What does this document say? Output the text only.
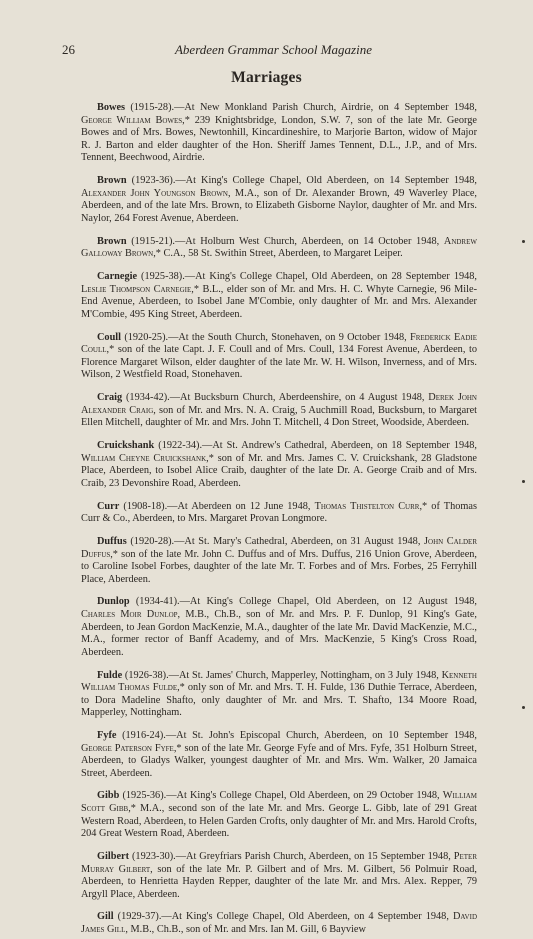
26	Aberdeen Grammar School Magazine
Marriages

Bowes (1915-28).—At New Monkland Parish Church, Airdrie, on 4 September 1948, George William Bowes,* 239 Knightsbridge, London, S.W. 7, son of the late Mr. George Bowes and of Mrs. Bowes, Newtonhill, Kincardineshire, to Marjorie Barton, widow of Major R. J. Barton and elder daughter of the Hon. Sheriff James Tennent, D.L., J.P., and of Mrs. Tennent, Beechwood, Airdrie.

Brown (1923-36).—At King's College Chapel, Old Aberdeen, on 14 September 1948, Alexander John Youngson Brown, M.A., son of Dr. Alexander Brown, 49 Waverley Place, Aberdeen, and of the late Mrs. Brown, to Elizabeth Gisborne Naylor, daughter of Mr. and Mrs. Naylor, 264 Forest Avenue, Aberdeen.

Brown (1915-21).—At Holburn West Church, Aberdeen, on 14 October 1948, Andrew Galloway Brown,* C.A., 58 St. Swithin Street, Aberdeen, to Margaret Leiper.

Carnegie (1925-38).—At King's College Chapel, Old Aberdeen, on 28 September 1948, Leslie Thompson Carnegie,* B.L., elder son of Mr. and Mrs. H. C. Whyte Carnegie, 96 Mile-End Avenue, Aberdeen, to Isobel Jane M'Combie, only daughter of Mr. and Mrs. Alexander M'Combie, 495 King Street, Aberdeen.

Coull (1920-25).—At the South Church, Stonehaven, on 9 October 1948, Frederick Eadie Coull,* son of the late Capt. J. F. Coull and of Mrs. Coull, 134 Forest Avenue, Aberdeen, to Florence Margaret Wilson, elder daughter of the late Mr. W. H. Wilson, Inverness, and of Mrs. Wilson, 2 Westfield Road, Stonehaven.

Craig (1934-42).—At Bucksburn Church, Aberdeenshire, on 4 August 1948, Derek John Alexander Craig, son of Mr. and Mrs. N. A. Craig, 5 Auchmill Road, Bucksburn, to Margaret Ellen Mitchell, daughter of Mr. and Mrs. John T. Mitchell, 4 Don Street, Woodside, Aberdeen.

Cruickshank (1922-34).—At St. Andrew's Cathedral, Aberdeen, on 18 September 1948, William Cheyne Cruickshank,* son of Mr. and Mrs. James C. V. Cruickshank, 28 Gladstone Place, Aberdeen, to Isobel Alice Craib, daughter of the late Dr. A. George Craib and of Mrs. Craib, 23 Devonshire Road, Aberdeen.

Curr (1908-18).—At Aberdeen on 12 June 1948, Thomas Thistelton Curr,* of Thomas Curr & Co., Aberdeen, to Mrs. Margaret Provan Longmore.

Duffus (1920-28).—At St. Mary's Cathedral, Aberdeen, on 31 August 1948, John Calder Duffus,* son of the late Mr. John C. Duffus and of Mrs. Duffus, 216 Union Grove, Aberdeen, to Caroline Isobel Forbes, daughter of the late Mr. T. Forbes and of Mrs. Forbes, 25 Ferryhill Place, Aberdeen.

Dunlop (1934-41).—At King's College Chapel, Old Aberdeen, on 12 August 1948, Charles Moir Dunlop, M.B., Ch.B., son of Mr. and Mrs. P. F. Dunlop, 91 King's Gate, Aberdeen, to Jean Gordon MacKenzie, M.A., daughter of the late Mr. David MacKenzie, M.C., M.A., former rector of Banff Academy, and of Mrs. MacKenzie, 5 King's Cross Road, Aberdeen.

Fulde (1926-38).—At St. James' Church, Mapperley, Nottingham, on 3 July 1948, Kenneth William Thomas Fulde,* only son of Mr. and Mrs. T. H. Fulde, 136 Duthie Terrace, Aberdeen, to Dora Madeline Shafto, only daughter of Mr. and Mrs. T. Shafto, 134 Moore Road, Mapperley, Nottingham.

Fyfe (1916-24).—At St. John's Episcopal Church, Aberdeen, on 10 September 1948, George Paterson Fyfe,* son of the late Mr. George Fyfe and of Mrs. Fyfe, 351 Holburn Street, Aberdeen, to Gladys Walker, youngest daughter of Mr. and Mrs. Wm. Walker, 20 Jamaica Street, Aberdeen.

Gibb (1925-36).—At King's College Chapel, Old Aberdeen, on 29 October 1948, William Scott Gibb,* M.A., second son of the late Mr. and Mrs. George L. Gibb, late of 291 Great Western Road, Aberdeen, to Helen Garden Crofts, only daughter of Mr. and Mrs. Harold Crofts, 204 Great Western Road, Aberdeen.

Gilbert (1923-30).—At Greyfriars Parish Church, Aberdeen, on 15 September 1948, Peter Murray Gilbert, son of the late Mr. P. Gilbert and of Mrs. M. Gilbert, 56 Polmuir Road, Aberdeen, to Henrietta Hayden Repper, daughter of the late Mr. and Mrs. Alex. Repper, 79 Argyll Place, Aberdeen.

Gill (1929-37).—At King's College Chapel, Old Aberdeen, on 4 September 1948, David James Gill, M.B., Ch.B., son of Mr. and Mrs. Ian M. Gill, 6 Bayview
